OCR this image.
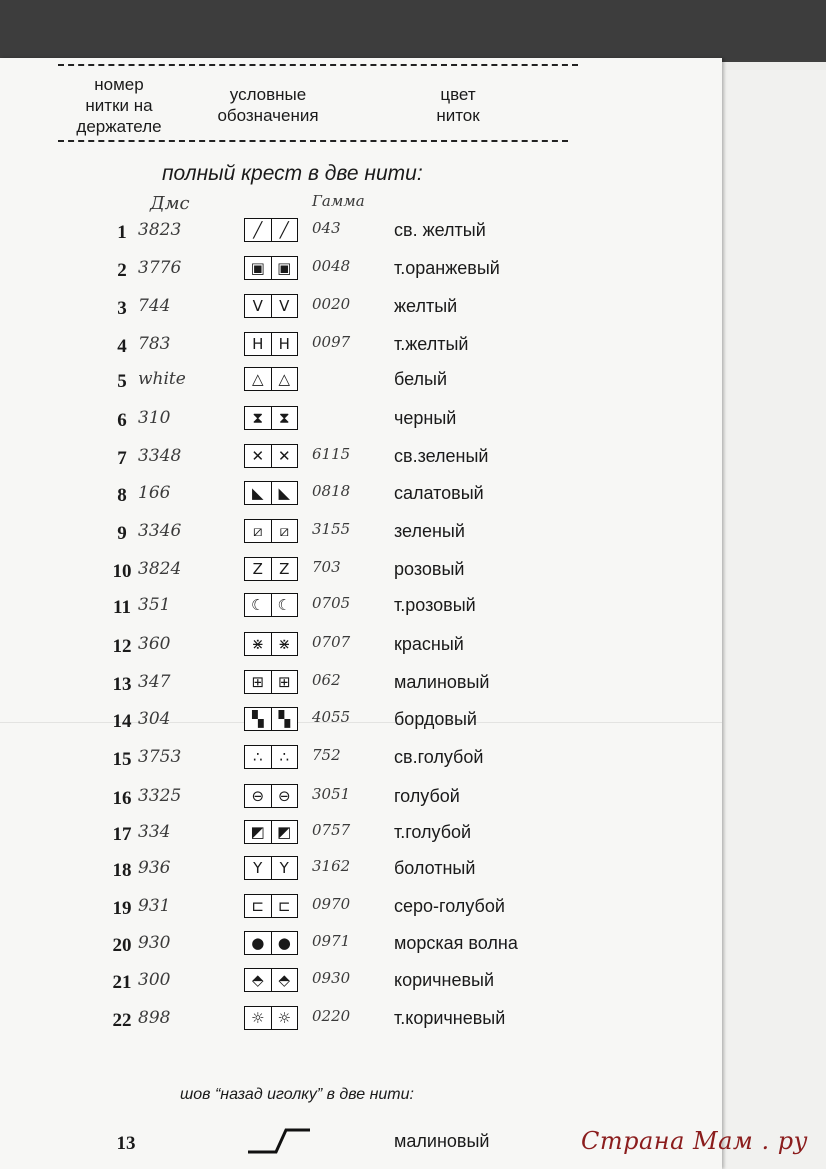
номер
нитки на
держателе
условные
обозначения
цвет
ниток
полный крест в две нити:
Дмс	Гамма
1 3823	╱	╱	043	св. желтый
2 3776	▣ ▣	0048	т.оранжевый
3 744	V	V	0020	желтый
4 783	H	H	0097	т.желтый
5 white	△ △	белый
6 310	⧗	⧗	черный
7 3348	✕ ✕	6115	св.зеленый
8 166	◣ ◣	0818	салатовый
9 3346	⧄	⧄	3155	зеленый
10 3824	Z	Z	703	розовый
11 351	☾ ☾	0705	т.розовый
12 360	⋇ ⋇	0707	красный
13 347	⊞ ⊞	062	малиновый
14 304	▚ ▚	4055	бордовый
15 3753	∴	∴	752	св.голубой
16 3325	⊖ ⊖	3051	голубой
17 334	◩ ◩	0757	т.голубой
18 936	Y	Y	3162	болотный
19 931	⊏ ⊏	0970	серо-голубой
20 930	● ●	0971	морская волна
21 300	⬘ ⬘	0930	коричневый
22 898	☼ ☼	0220	т.коричневый
шов “назад иголку” в две нити:
13	малиновый	Страна Мам . ру
